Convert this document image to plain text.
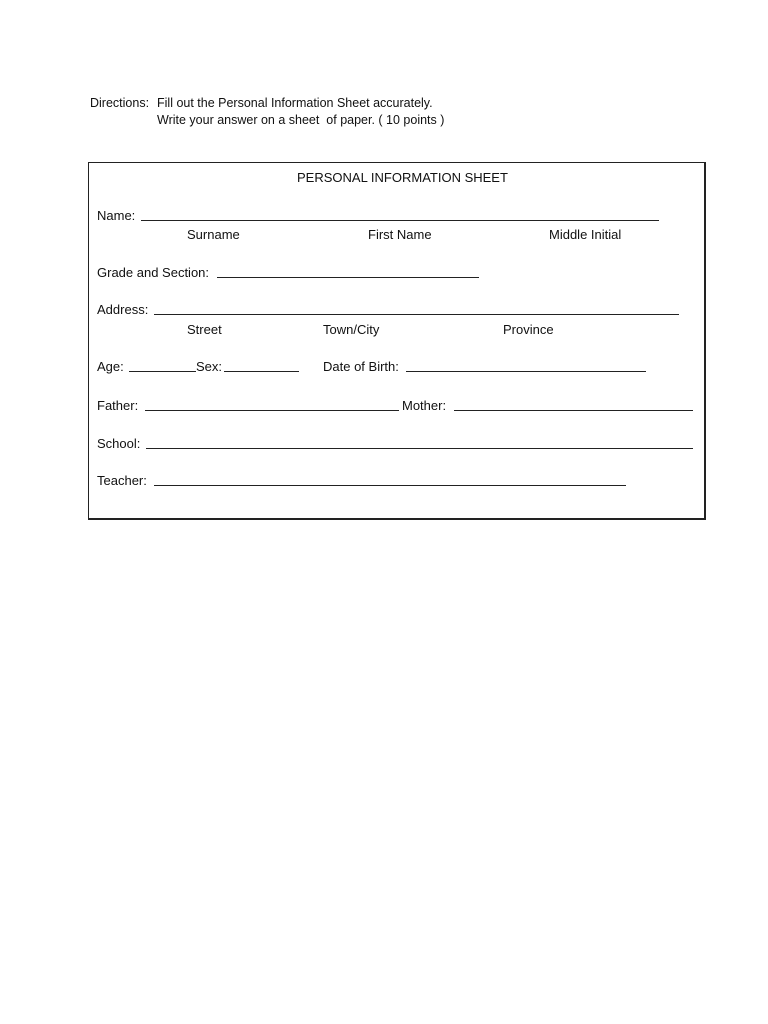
Directions:

Fill out the Personal Information Sheet accurately.

Write your answer on a sheet  of paper. ( 10 points )

PERSONAL INFORMATION SHEET
Name:
Surname	First Name	Middle Initial
Grade and Section:
Address:
Street	Town/City	Province
Age:	Sex:	Date of Birth:
Father:	Mother:
School:
Teacher:
